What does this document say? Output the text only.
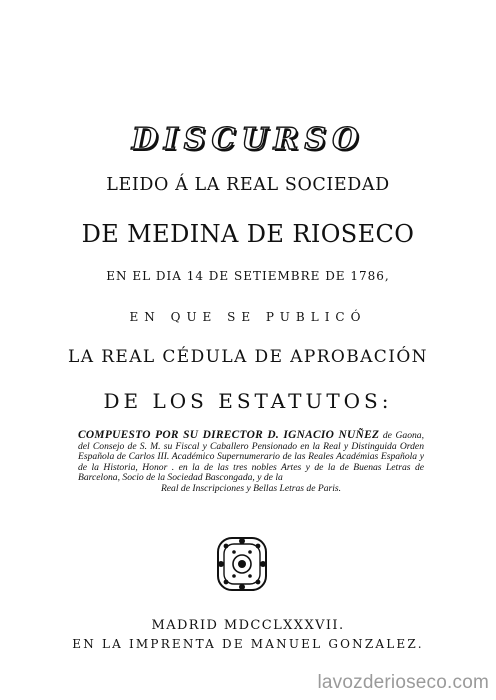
DISCURSO
LEIDO Á LA REAL SOCIEDAD
DE MEDINA DE RIOSECO
EN EL DIA 14 DE SETIEMBRE DE 1786,
EN QUE SE PUBLICÓ
LA REAL CÉDULA DE APROBACIÓN
DE LOS ESTATUTOS:
COMPUESTO POR SU DIRECTOR D. IGNACIO NUÑEZ de Gaona, del Consejo de S. M. su Fiscal y Caballero Pensionado en la Real y Distinguida Orden Española de Carlos III. Académico Supernumerario de las Reales Académias Española y de la Historia, Honor . en la de las tres nobles Artes y de la de Buenas Letras de Barcelona, Socio de la Sociedad Bascongada, y de la
Real de Inscripciones y Bellas Letras de Paris.
MADRID MDCCLXXXVII.
EN LA IMPRENTA DE MANUEL GONZALEZ.
lavozderioseco.com
